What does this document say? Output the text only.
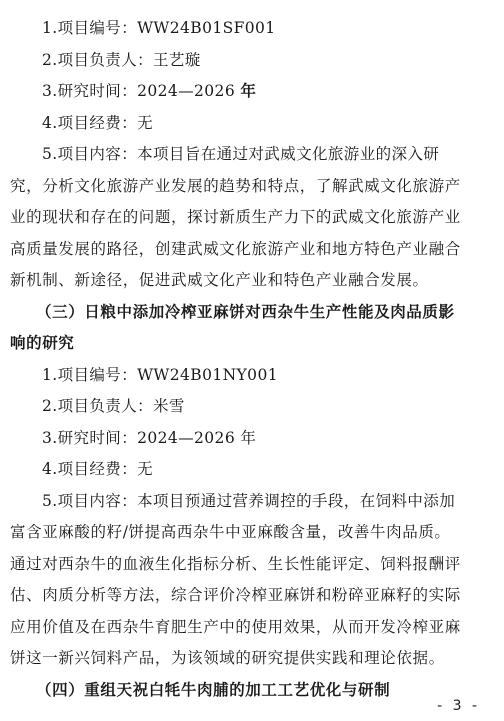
1.项目编号：WW24B01SF001
2.项目负责人：王艺璇
3.研究时间：2024—2026 年
4.项目经费：无
5.项目内容：本项目旨在通过对武威文化旅游业的深入研
究，分析文化旅游产业发展的趋势和特点，了解武威文化旅游产
业的现状和存在的问题，探讨新质生产力下的武威文化旅游产业
高质量发展的路径，创建武威文化旅游产业和地方特色产业融合
新机制、新途径，促进武威文化产业和特色产业融合发展。
（三）日粮中添加冷榨亚麻饼对西杂牛生产性能及肉品质影
响的研究
1.项目编号：WW24B01NY001
2.项目负责人：米雪
3.研究时间：2024—2026 年
4.项目经费：无
5.项目内容：本项目预通过营养调控的手段，在饲料中添加
富含亚麻酸的籽/饼提高西杂牛中亚麻酸含量，改善牛肉品质。
通过对西杂牛的血液生化指标分析、生长性能评定、饲料报酬评
估、肉质分析等方法，综合评价冷榨亚麻饼和粉碎亚麻籽的实际
应用价值及在西杂牛育肥生产中的使用效果，从而开发冷榨亚麻
饼这一新兴饲料产品，为该领域的研究提供实践和理论依据。
- 3 -
（四）重组天祝白牦牛肉脯的加工工艺优化与研制
